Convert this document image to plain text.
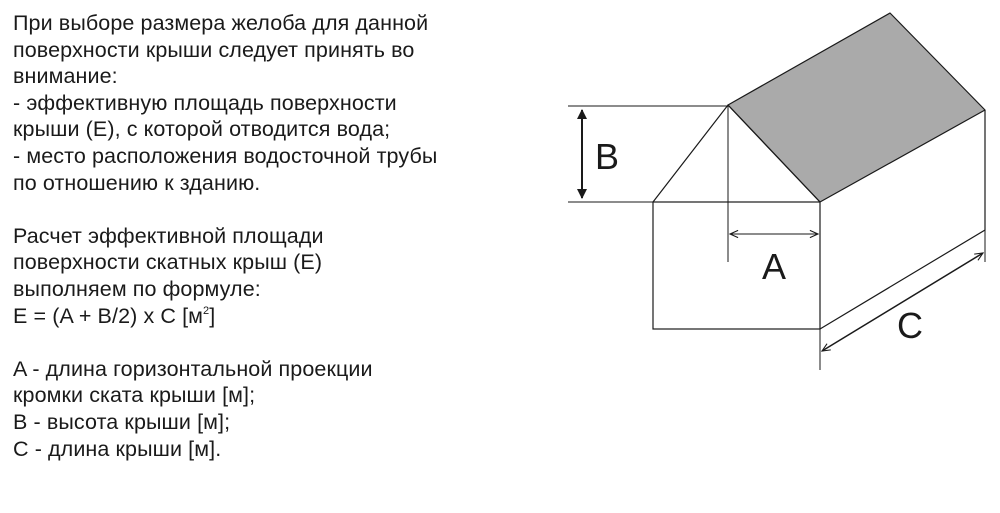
При выборе размера желоба для данной

поверхности крыши следует принять во

внимание:

- эффективную площадь поверхности

крыши (E), с которой отводится вода;

- место расположения водосточной трубы

по отношению к зданию.

Расчет эффективной площади

поверхности скатных крыш (E)

выполняем по формуле:

E = (A + B/2) x C $[м^2]$

A - длина горизонтальной проекции

кромки ската крыши [м];

B - высота крыши [м];

C - длина крыши [м].

B
A
C
